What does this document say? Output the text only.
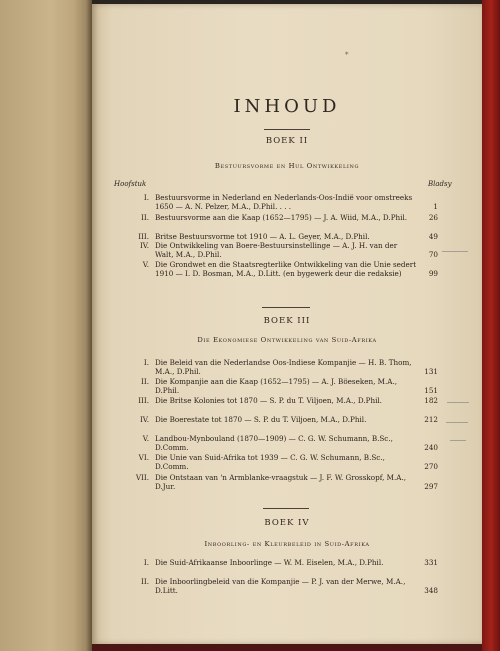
*
INHOUD
BOEK II
Bestuursvorme en Hul Ontwikkeling
Hoofstuk	Bladsy
I. Bestuursvorme in Nederland en Nederlands-Oos-Indië voor omstreeks 1650 — A. N. Pelzer, M.A., D.Phil. . . .	1
II. Bestuursvorme aan die Kaap (1652—1795) — J. A. Wiid, M.A., D.Phil.	26
III. Britse Bestuursvorme tot 1910 — A. L. Geyer, M.A., D.Phil.	49
IV. Die Ontwikkeling van Boere-Bestuursinstellinge — A. J. H. van der Walt, M.A., D.Phil.	70
V. Die Grondwet en die Staatsregterlike Ontwikkeling van die Unie sedert 1910 — I. D. Bosman, M.A., D.Litt. (en bygewerk deur die redaksie)	99
BOEK III
Die Ekonomiese Ontwikkeling van Suid-Afrika
I. Die Beleid van die Nederlandse Oos-Indiese Kompanjie — H. B. Thom, M.A., D.Phil.	131
II. Die Kompanjie aan die Kaap (1652—1795) — A. J. Böeseken, M.A., D.Phil.	151
III. Die Britse Kolonies tot 1870 — S. P. du T. Viljoen, M.A., D.Phil.	182
IV. Die Boerestate tot 1870 — S. P. du T. Viljoen, M.A., D.Phil.	212
V. Landbou-Mynbouland (1870—1909) — C. G. W. Schumann, B.Sc., D.Comm.	240
VI. Die Unie van Suid-Afrika tot 1939 — C. G. W. Schumann, B.Sc., D.Comm.	270
VII. Die Ontstaan van 'n Armblanke-vraagstuk — J. F. W. Grosskopf, M.A., D.Jur.	297
BOEK IV
Inboorling- en Kleurbeleid in Suid-Afrika
I. Die Suid-Afrikaanse Inboorlinge — W. M. Eiselen, M.A., D.Phil.	331
II. Die Inboorlingbeleid van die Kompanjie — P. J. van der Merwe, M.A., D.Litt.	348
